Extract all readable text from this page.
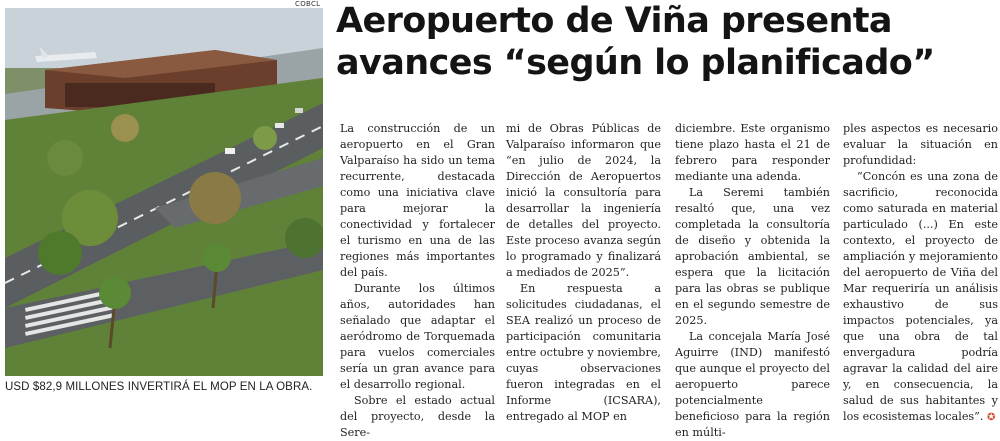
COBCL
USD $82,9 MILLONES INVERTIRÁ EL MOP EN LA OBRA.
Aeropuerto de Viña presenta
avances “según lo planificado”

La construcción de un aeropuerto en el Gran Valparaíso ha sido un tema recurrente, destacada como una iniciativa clave para mejorar la conectividad y fortalecer el turismo en una de las regiones más importantes del país.

Durante los últimos años, autoridades han señalado que adaptar el aeródromo de Torquemada para vuelos comerciales sería un gran avance para el desarrollo regional.

Sobre el estado actual del proyecto, desde la Sere-

mi de Obras Públicas de Valparaíso informaron que “en julio de 2024, la Dirección de Aeropuertos inició la consultoría para desarrollar la ingeniería de detalles del proyecto. Este proceso avanza según lo programado y finalizará a mediados de 2025”.

En respuesta a solicitudes ciudadanas, el SEA realizó un proceso de participación comunitaria entre octubre y noviembre, cuyas observaciones fueron integradas en el Informe (ICSARA), entregado al MOP en

diciembre. Este organismo tiene plazo hasta el 21 de febrero para responder mediante una adenda.

La Seremi también resaltó que, una vez completada la consultoría de diseño y obtenida la aprobación ambiental, se espera que la licitación para las obras se publique en el segundo semestre de 2025.

La concejala María José Aguirre (IND) manifestó que aunque el proyecto del aeropuerto parece potencialmente beneficioso para la región en múlti-

ples aspectos es necesario evaluar la situación en profundidad:

“Concón es una zona de sacrificio, reconocida como saturada en material particulado (...) En este contexto, el proyecto de ampliación y mejoramiento del aeropuerto de Viña del Mar requeriría un análisis exhaustivo de sus impactos potenciales, ya que una obra de tal envergadura podría agravar la calidad del aire y, en consecuencia, la salud de sus habitantes y los ecosistemas locales”. ✪
